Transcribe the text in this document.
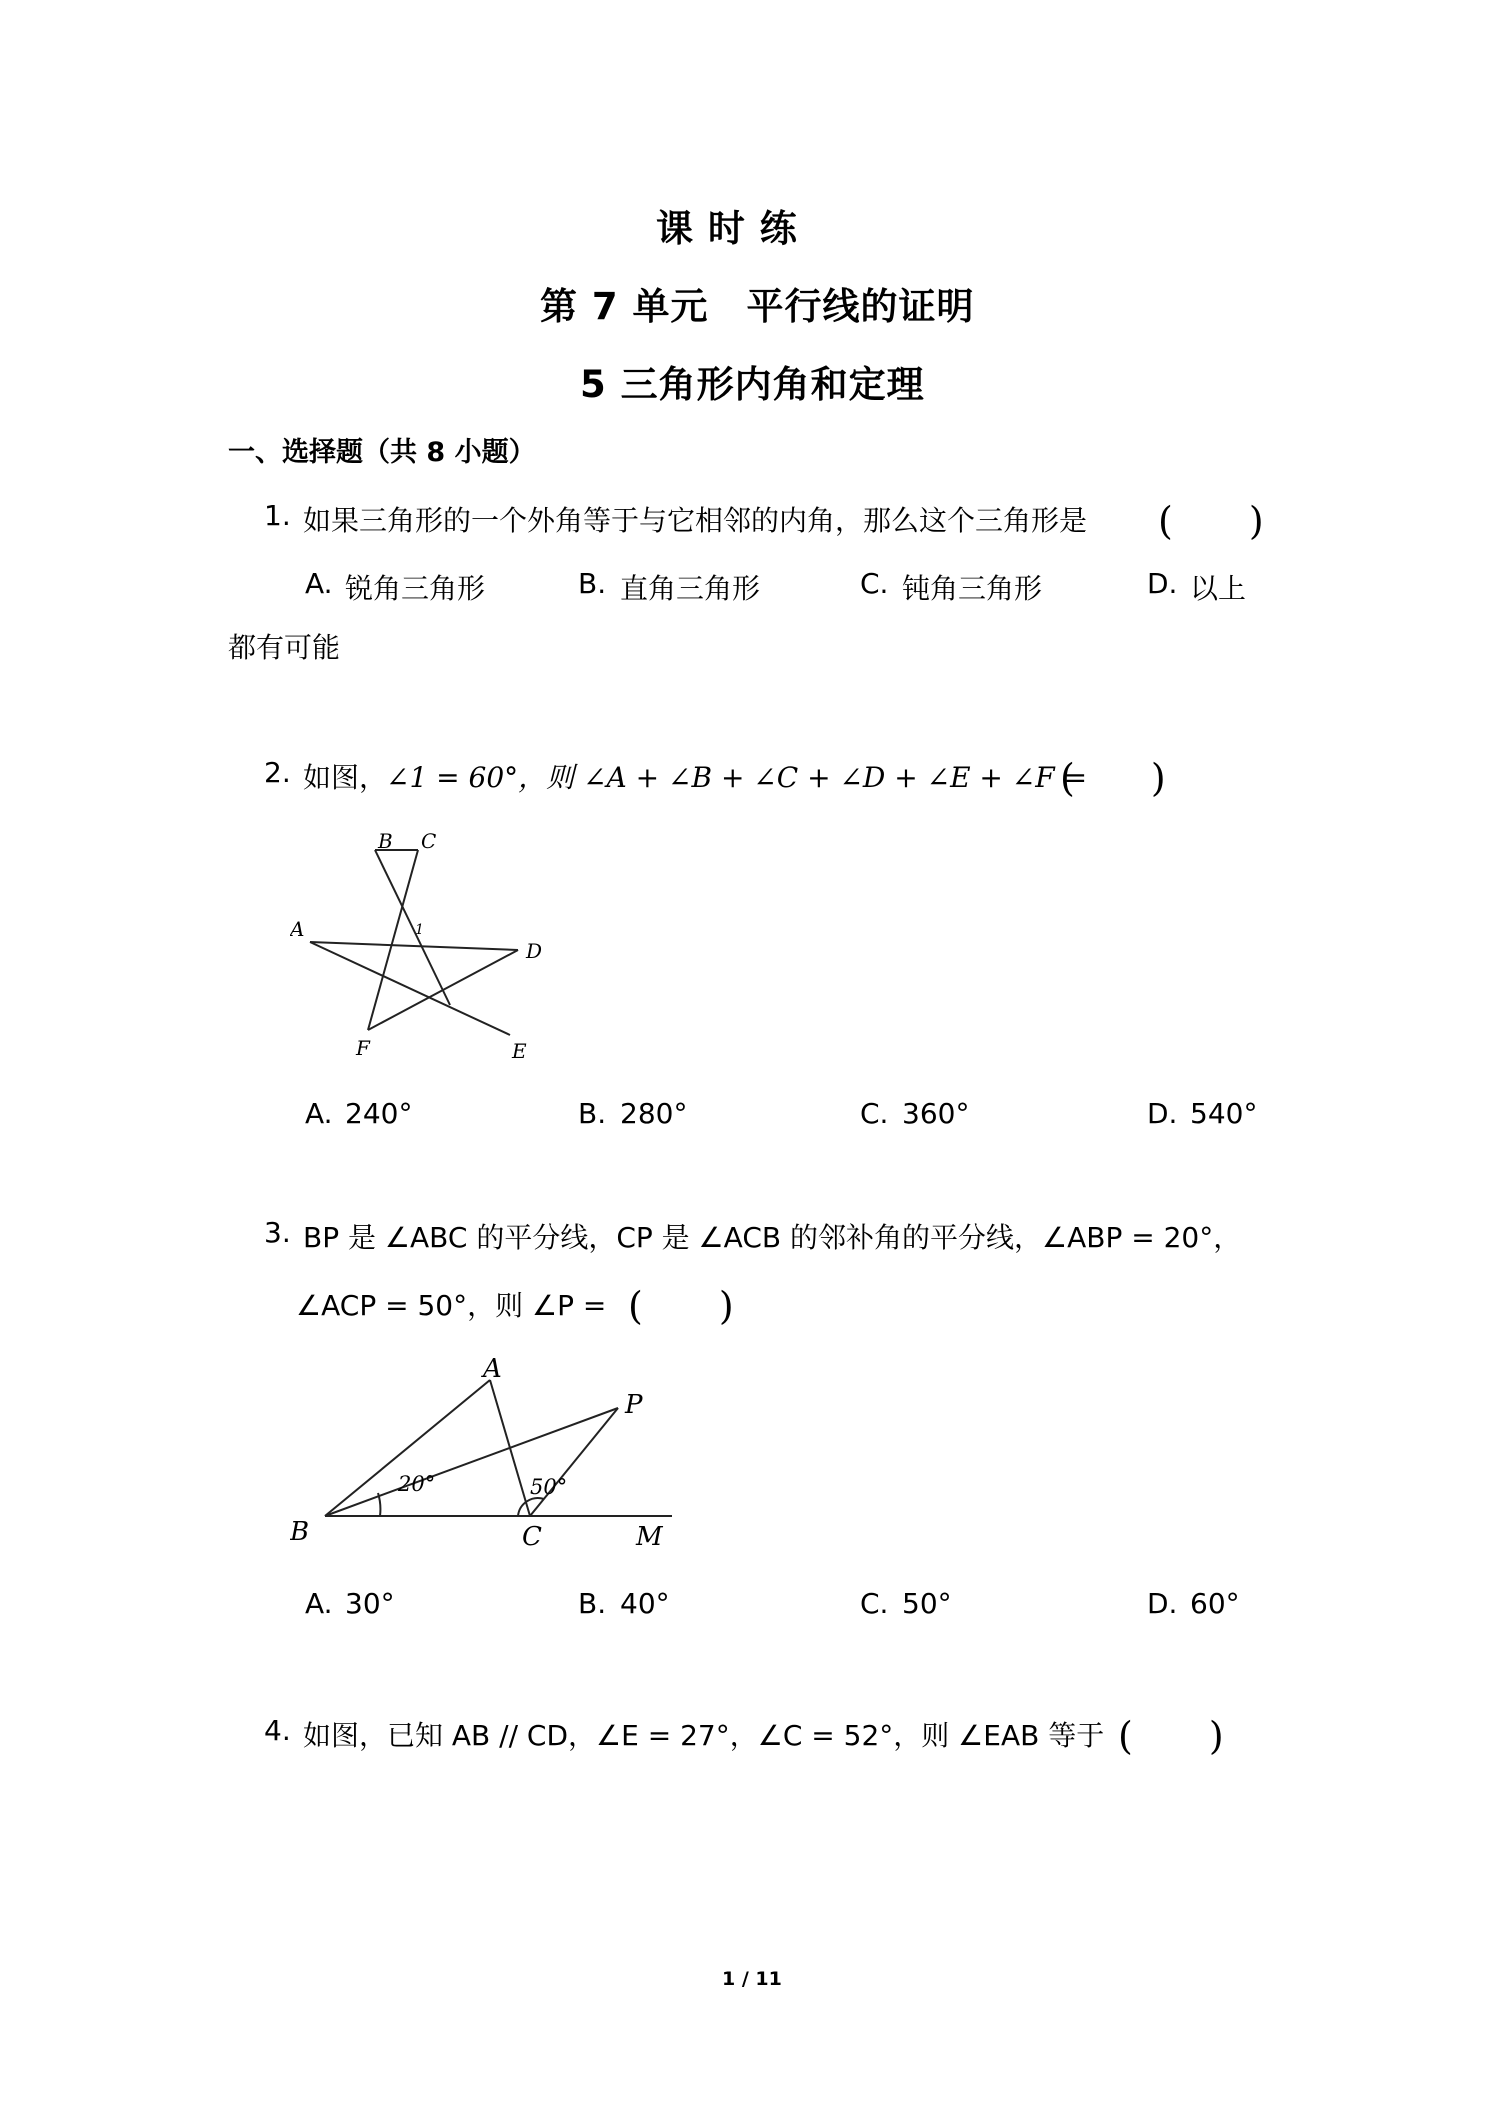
课 时 练
第 7 单元　平行线的证明
5 三角形内角和定理
一、选择题（共 8 小题）
1. 如果三角形的一个外角等于与它相邻的内角，那么这个三角形是 (　　)
A. 锐角三角形	B. 直角三角形	C. 钝角三角形	D. 以上
都有可能
2. 如图，
∠1 = 60°，则 ∠A + ∠B + ∠C + ∠D + ∠E + ∠F =
(　　)
B C
A
D
F	E
1
A. 240°	B. 280°	C. 360°	D. 540°
3. BP 是 ∠ABC 的平分线，CP 是 ∠ACB 的邻补角的平分线，∠ABP = 20°，
∠ACP = 50°，则 ∠P = (　　)
A
P
B	C	M
20°	50°
A. 30°	B. 40°	C. 50°	D. 60°
4. 如图，已知 AB // CD，∠E = 27°，∠C = 52°，则 ∠EAB 等于 (　　)
1 / 11
